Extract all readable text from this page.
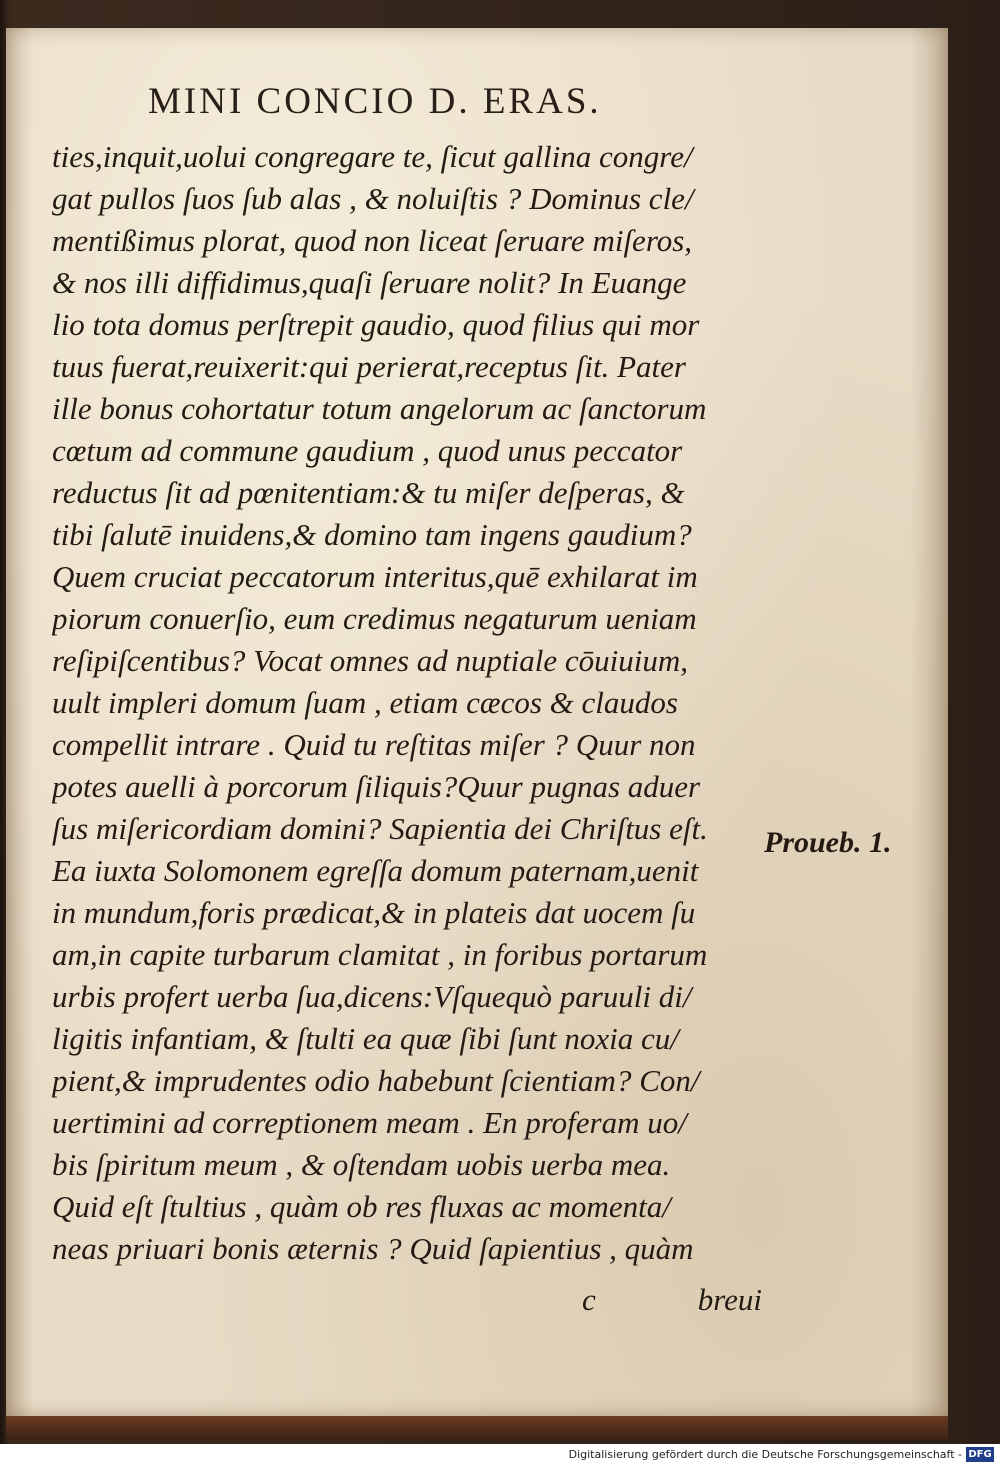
MINI CONCIO D. ERAS.
ties,inquit,uolui congregare te, ſicut gallina congre/
gat pullos ſuos ſub alas , & noluiſtis ? Dominus cle/
mentißimus plorat, quod non liceat ſeruare miſeros,
& nos illi diffidimus,quaſi ſeruare nolit? In Euange
lio tota domus perſtrepit gaudio, quod filius qui mor
tuus fuerat,reuixerit:qui perierat,receptus ſit. Pater
ille bonus cohortatur totum angelorum ac ſanctorum
cœtum ad commune gaudium , quod unus peccator
reductus ſit ad pœnitentiam:& tu miſer deſperas, &
tibi ſalutē inuidens,& domino tam ingens gaudium?
Quem cruciat peccatorum interitus,quē exhilarat im
piorum conuerſio, eum credimus negaturum ueniam
reſipiſcentibus? Vocat omnes ad nuptiale cōuiuium,
uult impleri domum ſuam , etiam cæcos & claudos
compellit intrare . Quid tu reſtitas miſer ? Quur non
potes auelli à porcorum ſiliquis?Quur pugnas aduer
ſus miſericordiam domini? Sapientia dei Chriſtus eſt.
Ea iuxta Solomonem egreſſa domum paternam,uenit
in mundum,foris prædicat,& in plateis dat uocem ſu
am,in capite turbarum clamitat , in foribus portarum
urbis profert uerba ſua,dicens:Vſquequò paruuli di/
ligitis infantiam, & ſtulti ea quæ ſibi ſunt noxia cu/
pient,& imprudentes odio habebunt ſcientiam? Con/
uertimini ad correptionem meam . En proferam uo/
bis ſpiritum meum , & oſtendam uobis uerba mea.
Quid eſt ſtultius , quàm ob res fluxas ac momenta/
neas priuari bonis æternis ? Quid ſapientius , quàm
Proueb. 1.
c	breui
Digitalisierung gefördert durch die Deutsche Forschungsgemeinschaft - DFG
